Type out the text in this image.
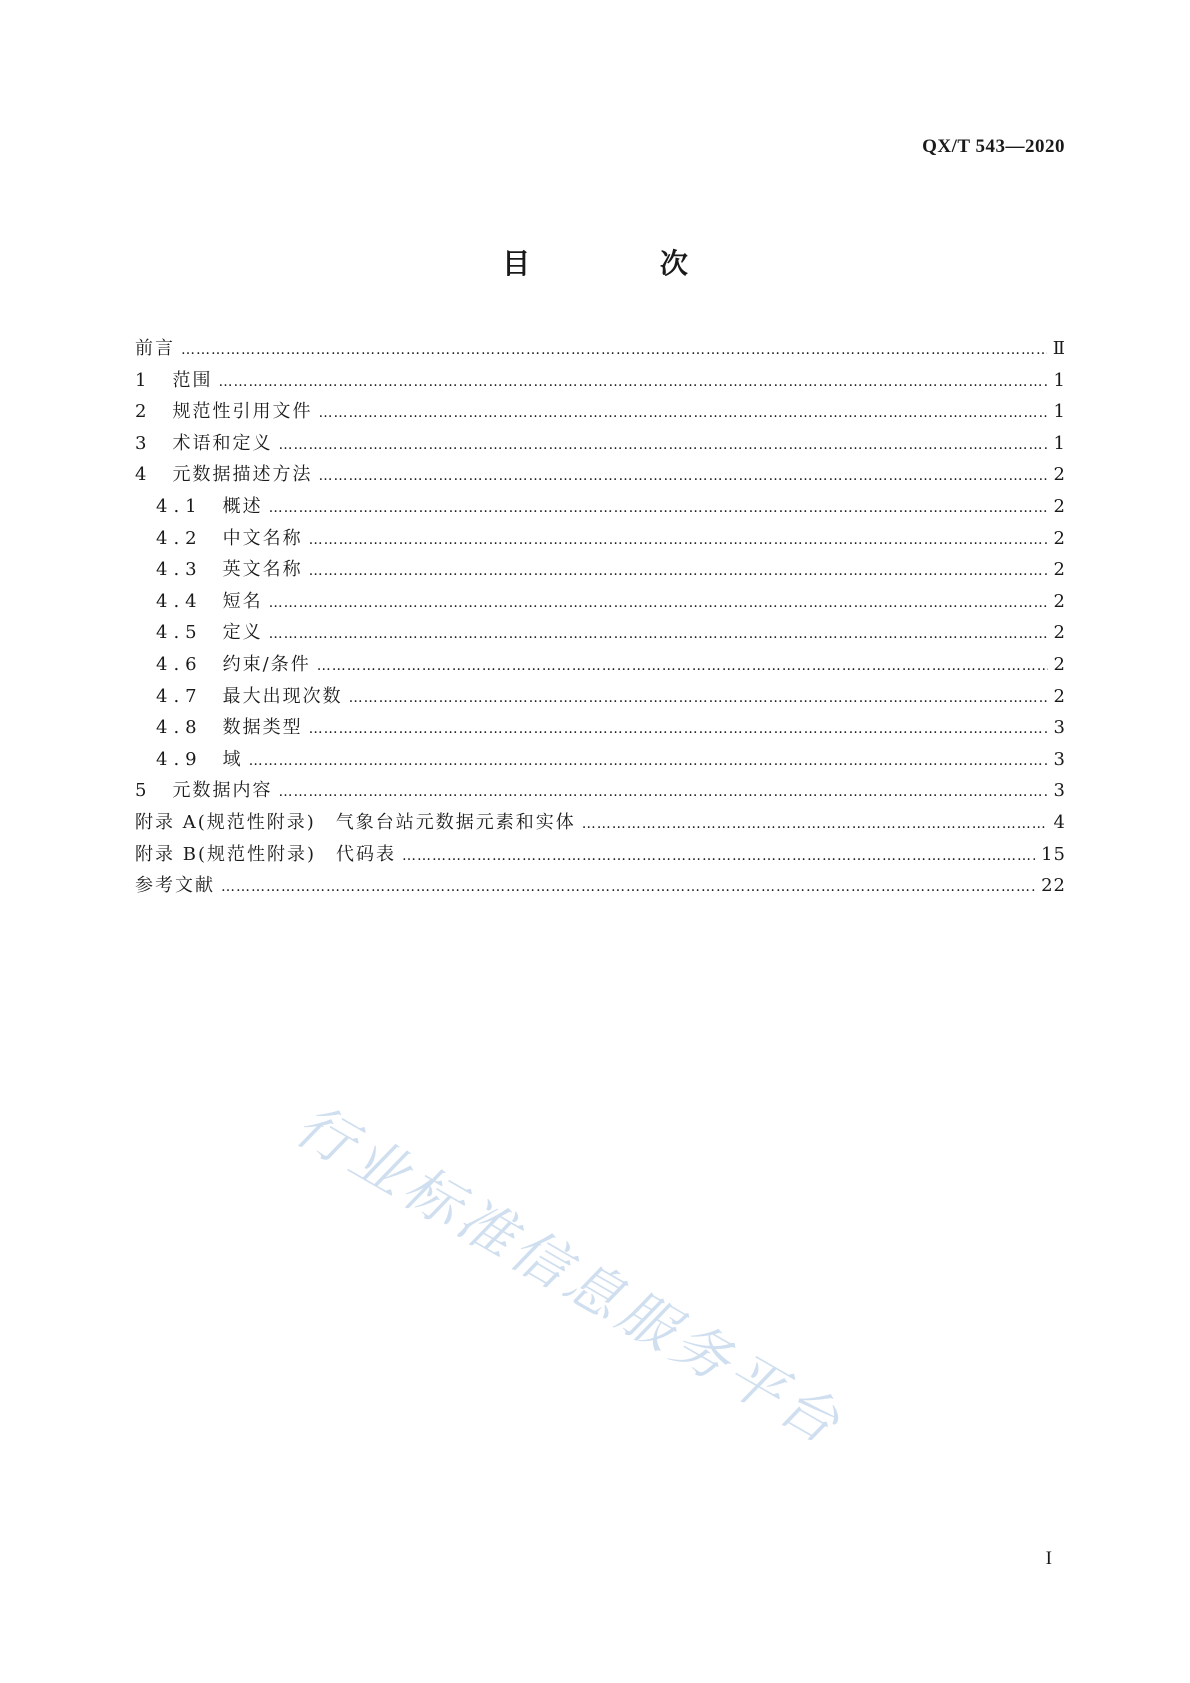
QX/T 543—2020
目 次
前言 ……………………………………………………………………………………………………………………………………………………………………………………………………………………………………………	Ⅱ
1 范围 ……………………………………………………………………………………………………………………………………………………………………………………………………………………………………………	1
2 规范性引用文件 ……………………………………………………………………………………………………………………………………………………………………………………………………………………………………………	1
3 术语和定义 ……………………………………………………………………………………………………………………………………………………………………………………………………………………………………………	1
4 元数据描述方法 ……………………………………………………………………………………………………………………………………………………………………………………………………………………………………………	2
4.1 概述 ……………………………………………………………………………………………………………………………………………………………………………………………………………………………………………	2
4.2 中文名称 ……………………………………………………………………………………………………………………………………………………………………………………………………………………………………………	2
4.3 英文名称 ……………………………………………………………………………………………………………………………………………………………………………………………………………………………………………	2
4.4 短名 ……………………………………………………………………………………………………………………………………………………………………………………………………………………………………………	2
4.5 定义 ……………………………………………………………………………………………………………………………………………………………………………………………………………………………………………	2
4.6 约束/条件 ……………………………………………………………………………………………………………………………………………………………………………………………………………………………………………	2
4.7 最大出现次数 ……………………………………………………………………………………………………………………………………………………………………………………………………………………………………………	2
4.8 数据类型 ……………………………………………………………………………………………………………………………………………………………………………………………………………………………………………	3
4.9 域 ……………………………………………………………………………………………………………………………………………………………………………………………………………………………………………	3
5 元数据内容 ……………………………………………………………………………………………………………………………………………………………………………………………………………………………………………	3
附录 A(规范性附录)　气象台站元数据元素和实体 ……………………………………………………………………………………………………………………………………………………………………………………………………………………………………………	4
附录 B(规范性附录)　代码表 ……………………………………………………………………………………………………………………………………………………………………………………………………………………………………………	15
参考文献 ……………………………………………………………………………………………………………………………………………………………………………………………………………………………………………	22
行业标准信息服务平台
I
